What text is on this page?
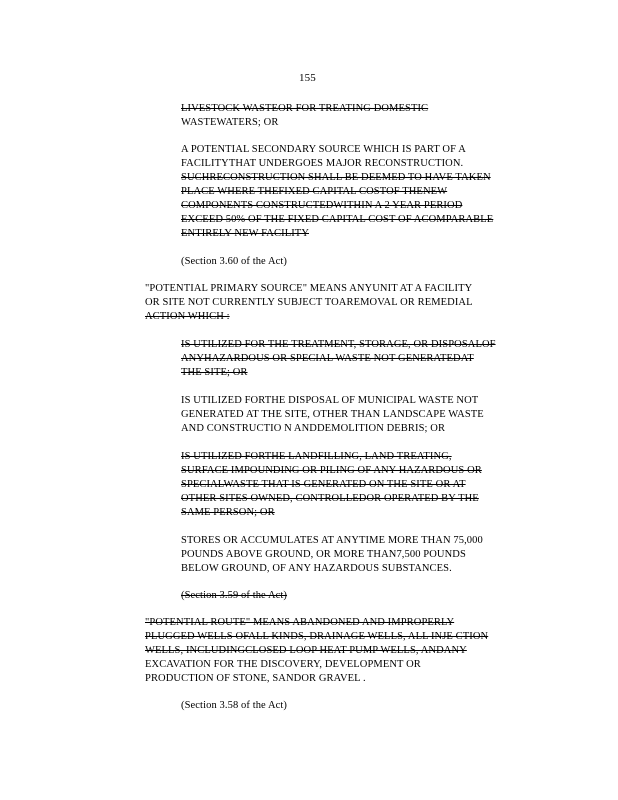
155
LIVESTOCK WASTEOR FOR TREATING DOMESTIC
WASTEWATERS; OR
A POTENTIAL SECONDARY SOURCE WHICH IS PART OF A
FACILITYTHAT UNDERGOES MAJOR RECONSTRUCTION.
SUCHRECONSTRUCTION SHALL BE DEEMED TO HAVE TAKEN
PLACE WHERE THEFIXED CAPITAL COSTOF THENEW
COMPONENTS CONSTRUCTEDWITHIN A 2 YEAR PERIOD
EXCEED 50% OF THE FIXED CAPITAL COST OF ACOMPARABLE
ENTIRELY NEW FACILITY
(Section 3.60 of the Act)
"POTENTIAL PRIMARY SOURCE" MEANS ANYUNIT AT A FACILITY
OR SITE NOT CURRENTLY SUBJECT TOAREMOVAL OR REMEDIAL
ACTION WHICH :
IS UTILIZED FOR THE TREATMENT, STORAGE, OR DISPOSALOF
ANYHAZARDOUS OR SPECIAL WASTE NOT GENERATEDAT
THE SITE; OR
IS UTILIZED FORTHE DISPOSAL OF MUNICIPAL WASTE NOT
GENERATED AT THE SITE, OTHER THAN LANDSCAPE WASTE
AND CONSTRUCTIO N ANDDEMOLITION DEBRIS; OR
IS UTILIZED FORTHE LANDFILLING, LAND TREATING,
SURFACE IMPOUNDING OR PILING OF ANY HAZARDOUS OR
SPECIALWASTE THAT IS GENERATED ON THE SITE OR AT
OTHER SITES OWNED, CONTROLLEDOR OPERATED BY THE
SAME PERSON; OR
STORES OR ACCUMULATES AT ANYTIME MORE THAN 75,000
POUNDS ABOVE GROUND, OR MORE THAN7,500 POUNDS
BELOW GROUND, OF ANY HAZARDOUS SUBSTANCES.
(Section 3.59 of the Act)
"POTENTIAL ROUTE" MEANS ABANDONED AND IMPROPERLY
PLUGGED WELLS OFALL KINDS, DRAINAGE WELLS, ALL INJE CTION
WELLS, INCLUDINGCLOSED LOOP HEAT PUMP WELLS, ANDANY
EXCAVATION FOR THE DISCOVERY, DEVELOPMENT OR
PRODUCTION OF STONE, SANDOR GRAVEL .
(Section 3.58 of the Act)
